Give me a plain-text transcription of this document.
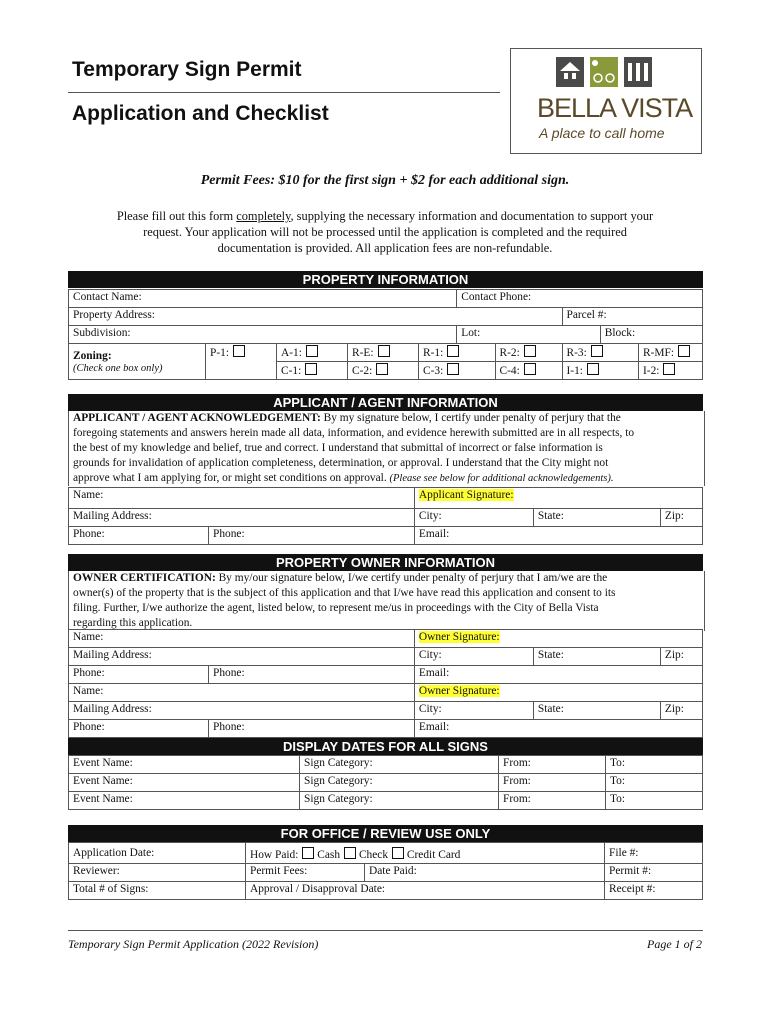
Temporary Sign Permit
Application and Checklist	BELLA VISTA
A place to call home
Permit Fees: $10 for the first sign + $2 for each additional sign.
Please fill out this form completely, supplying the necessary information and documentation to support your
request. Your application will not be processed until the application is completed and the required
documentation is provided. All application fees are non-refundable.
PROPERTY INFORMATION
Contact Name:					Contact Phone:				
Property Address:							Parcel #:		
Subdivision:					Lot:			Block:	
Zoning:
(Check one box only)	P-1:	A-1:	R-E:	R-1:		R-2:	R-3:		R-MF:
		C-1:	C-2:	C-3:		C-4:	I-1:		I-2:
APPLICANT / AGENT INFORMATION
APPLICANT / AGENT ACKNOWLEDGEMENT: By my signature below, I certify under penalty of perjury that the
foregoing statements and answers herein made all data, information, and evidence herewith submitted are in all respects, to
the best of my knowledge and belief, true and correct. I understand that submittal of incorrect or false information is
grounds for invalidation of application completeness, determination, or approval. I understand that the City might not
approve what I am applying for, or might set conditions on approval. (Please see below for additional acknowledgements).
Name:		Applicant Signature:		
Mailing Address:		City:	State:	Zip:
Phone:	Phone:	Email:		
PROPERTY OWNER INFORMATION
OWNER CERTIFICATION: By my/our signature below, I/we certify under penalty of perjury that I am/we are the
owner(s) of the property that is the subject of this application and that I/we have read this application and consent to its
filing. Further, I/we authorize the agent, listed below, to represent me/us in proceedings with the City of Bella Vista
regarding this application.
Name:		Owner Signature:		
Mailing Address:		City:	State:	Zip:
Phone:	Phone:	Email:		
Name:		Owner Signature:		
Mailing Address:		City:	State:	Zip:
Phone:	Phone:	Email:		
DISPLAY DATES FOR ALL SIGNS
Event Name:	Sign Category:	From:	To:
Event Name:	Sign Category:	From:	To:
Event Name:	Sign Category:	From:	To:
FOR OFFICE / REVIEW USE ONLY
Application Date:	How Paid: Cash Check Credit Card		File #:
Reviewer:	Permit Fees:	Date Paid:	Permit #:
Total # of Signs:	Approval / Disapproval Date:		Receipt #:
Temporary Sign Permit Application (2022 Revision)	Page 1 of 2
